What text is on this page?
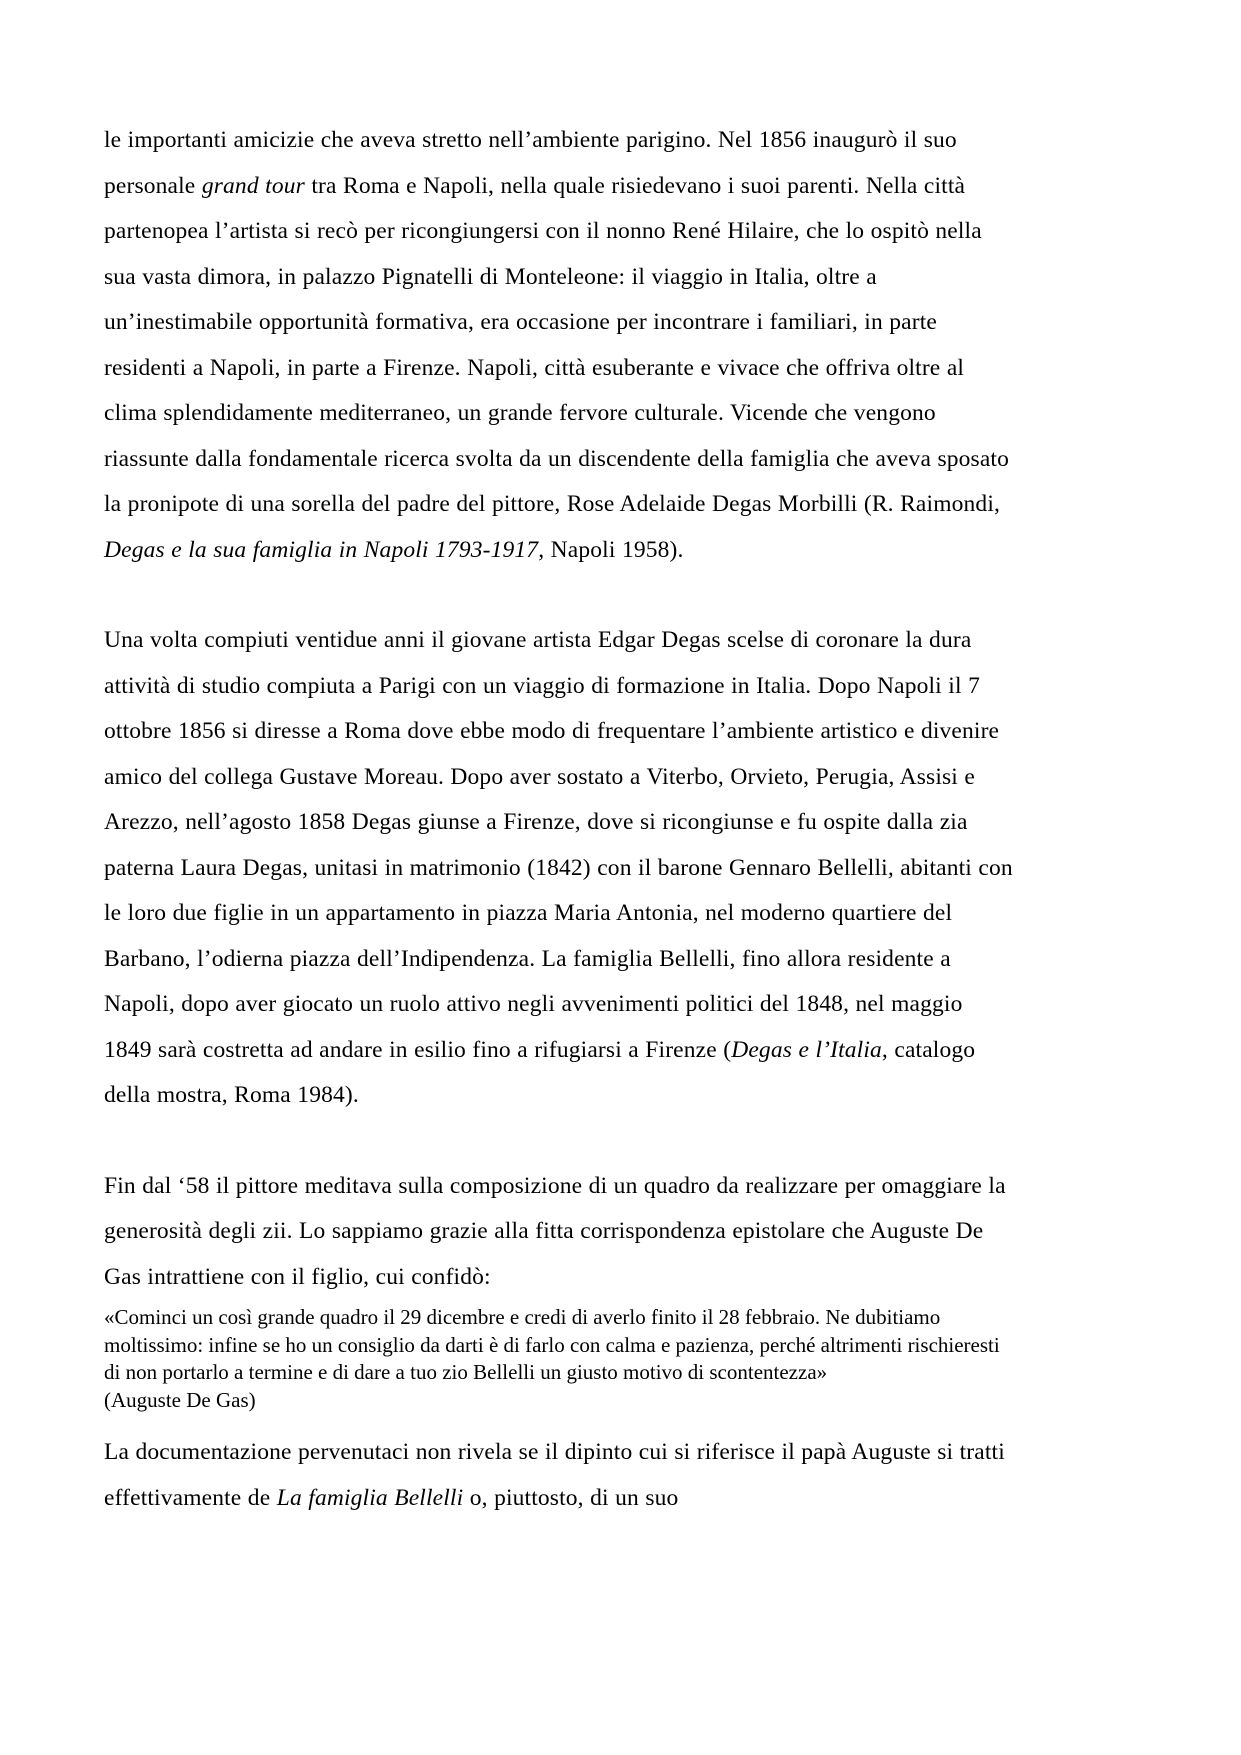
le importanti amicizie che aveva stretto nell’ambiente parigino. Nel 1856 inaugurò il suo personale grand tour tra Roma e Napoli, nella quale risiedevano i suoi parenti. Nella città partenopea l’artista si recò per ricongiungersi con il nonno René Hilaire, che lo ospitò nella sua vasta dimora, in palazzo Pignatelli di Monteleone: il viaggio in Italia, oltre a un’inestimabile opportunità formativa, era occasione per incontrare i familiari, in parte residenti a Napoli, in parte a Firenze. Napoli, città esuberante e vivace che offriva oltre al clima splendidamente mediterraneo, un grande fervore culturale. Vicende che vengono riassunte dalla fondamentale ricerca svolta da un discendente della famiglia che aveva sposato la pronipote di una sorella del padre del pittore, Rose Adelaide Degas Morbilli (R. Raimondi, Degas e la sua famiglia in Napoli 1793-1917, Napoli 1958).

Una volta compiuti ventidue anni il giovane artista Edgar Degas scelse di coronare la dura attività di studio compiuta a Parigi con un viaggio di formazione in Italia. Dopo Napoli il 7 ottobre 1856 si diresse a Roma dove ebbe modo di frequentare l’ambiente artistico e divenire amico del collega Gustave Moreau. Dopo aver sostato a Viterbo, Orvieto, Perugia, Assisi e Arezzo, nell’agosto 1858 Degas giunse a Firenze, dove si ricongiunse e fu ospite dalla zia paterna Laura Degas, unitasi in matrimonio (1842) con il barone Gennaro Bellelli, abitanti con le loro due figlie in un appartamento in piazza Maria Antonia, nel moderno quartiere del Barbano, l’odierna piazza dell’Indipendenza. La famiglia Bellelli, fino allora residente a Napoli, dopo aver giocato un ruolo attivo negli avvenimenti politici del 1848, nel maggio 1849 sarà costretta ad andare in esilio fino a rifugiarsi a Firenze (Degas e l’Italia, catalogo della mostra, Roma 1984).

Fin dal ‘58 il pittore meditava sulla composizione di un quadro da realizzare per omaggiare la generosità degli zii. Lo sappiamo grazie alla fitta corrispondenza epistolare che Auguste De Gas intrattiene con il figlio, cui confidò:

«Cominci un così grande quadro il 29 dicembre e credi di averlo finito il 28 febbraio. Ne dubitiamo moltissimo: infine se ho un consiglio da darti è di farlo con calma e pazienza, perché altrimenti rischieresti di non portarlo a termine e di dare a tuo zio Bellelli un giusto motivo di scontentezza»

(Auguste De Gas)

La documentazione pervenutaci non rivela se il dipinto cui si riferisce il papà Auguste si tratti effettivamente de La famiglia Bellelli o, piuttosto, di un suo
